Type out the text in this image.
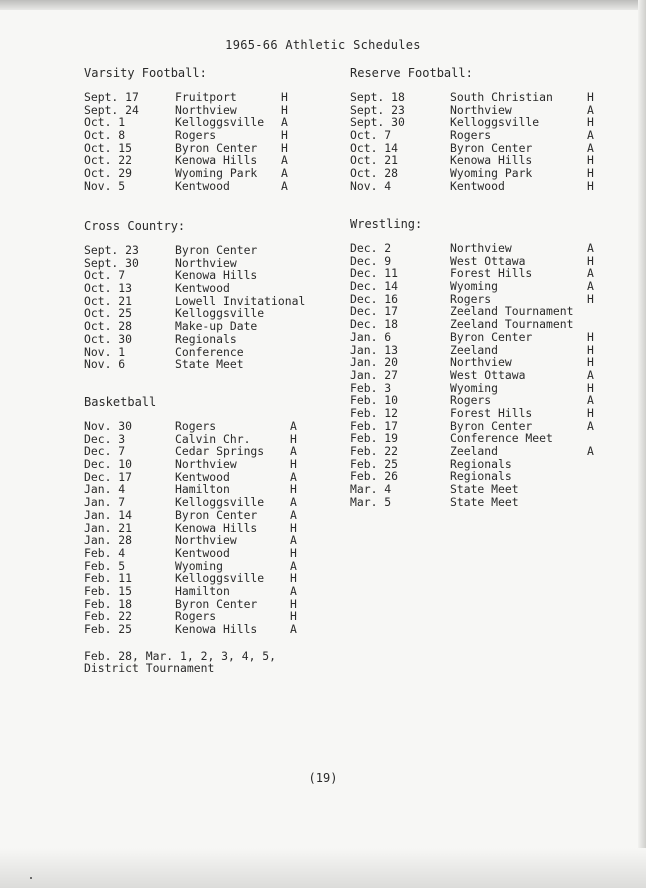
1965-66 Athletic Schedules
Varsity Football:
Sept. 17	Fruitport	H
Sept. 24	Northview	H
Oct. 1	Kelloggsville A
Oct. 8	Rogers	H
Oct. 15	Byron Center H
Oct. 22	Kenowa Hills A
Oct. 29	Wyoming Park A
Nov. 5	Kentwood	A
Reserve Football:
Sept. 18	South Christian	H
Sept. 23	Northview	A
Sept. 30	Kelloggsville	H
Oct. 7	Rogers	A
Oct. 14	Byron Center	A
Oct. 21	Kenowa Hills	H
Oct. 28	Wyoming Park	H
Nov. 4	Kentwood	H
Cross Country:
Sept. 23	Byron Center
Sept. 30	Northview
Oct. 7	Kenowa Hills
Oct. 13	Kentwood
Oct. 21	Lowell Invitational
Oct. 25	Kelloggsville
Oct. 28	Make-up Date
Oct. 30	Regionals
Nov. 1	Conference
Nov. 6	State Meet
Wrestling:
Dec. 2	Northview	A
Dec. 9	West Ottawa	H
Dec. 11	Forest Hills	A
Dec. 14	Wyoming	A
Dec. 16	Rogers	H
Dec. 17	Zeeland Tournament
Dec. 18	Zeeland Tournament
Jan. 6	Byron Center	H
Jan. 13	Zeeland	H
Jan. 20	Northview	H
Jan. 27	West Ottawa	A
Feb. 3	Wyoming	H
Feb. 10	Rogers	A
Feb. 12	Forest Hills	H
Feb. 17	Byron Center	A
Feb. 19	Conference Meet
Feb. 22	Zeeland	A
Feb. 25	Regionals
Feb. 26	Regionals
Mar. 4	State Meet
Mar. 5	State Meet
Basketball
Nov. 30	Rogers	A
Dec. 3	Calvin Chr.	H
Dec. 7	Cedar Springs A
Dec. 10	Northview	H
Dec. 17	Kentwood	A
Jan. 4	Hamilton	H
Jan. 7	Kelloggsville A
Jan. 14	Byron Center	A
Jan. 21	Kenowa Hills	H
Jan. 28	Northview	A
Feb. 4	Kentwood	H
Feb. 5	Wyoming	A
Feb. 11	Kelloggsville H
Feb. 15	Hamilton	A
Feb. 18	Byron Center	H
Feb. 22	Rogers	H
Feb. 25	Kenowa Hills	A
Feb. 28, Mar. 1, 2, 3, 4, 5,
District Tournament
(19)
